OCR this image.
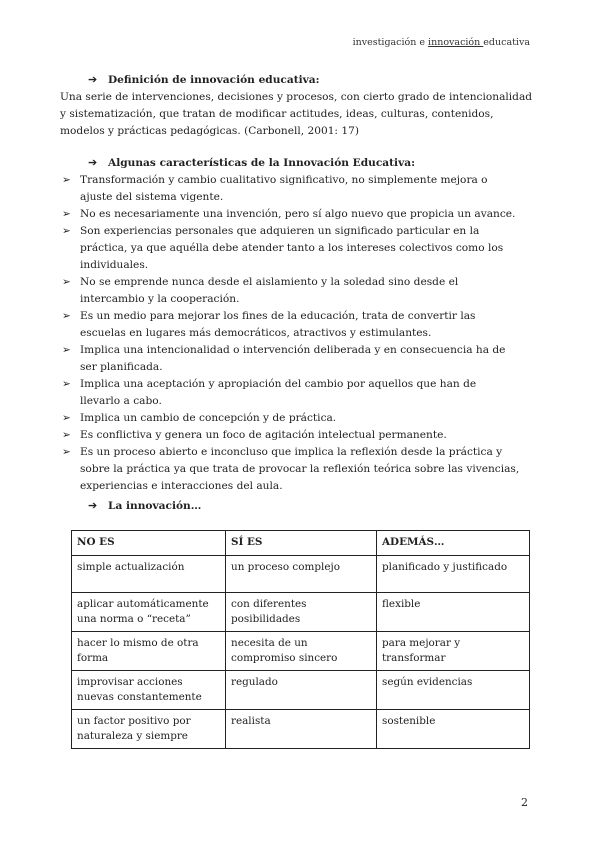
investigación e innovación educativa
➔ Definición de innovación educativa:
Una serie de intervenciones, decisiones y procesos, con cierto grado de intencionalidad
y sistematización, que tratan de modificar actitudes, ideas, culturas, contenidos,
modelos y prácticas pedagógicas. (Carbonell, 2001: 17)
➔ Algunas características de la Innovación Educativa:
➢ Transformación y cambio cualitativo significativo, no simplemente mejora o
ajuste del sistema vigente.
➢ No es necesariamente una invención, pero sí algo nuevo que propicia un avance.
➢ Son experiencias personales que adquieren un significado particular en la
práctica, ya que aquélla debe atender tanto a los intereses colectivos como los
individuales.
➢ No se emprende nunca desde el aislamiento y la soledad sino desde el
intercambio y la cooperación.
➢ Es un medio para mejorar los fines de la educación, trata de convertir las
escuelas en lugares más democráticos, atractivos y estimulantes.
➢ Implica una intencionalidad o intervención deliberada y en consecuencia ha de
ser planificada.
➢ Implica una aceptación y apropiación del cambio por aquellos que han de
llevarlo a cabo.
➢ Implica un cambio de concepción y de práctica.
➢ Es conflictiva y genera un foco de agitación intelectual permanente.
➢ Es un proceso abierto e inconcluso que implica la reflexión desde la práctica y
sobre la práctica ya que trata de provocar la reflexión teórica sobre las vivencias,
experiencias e interacciones del aula.
➔ La innovación…
NO ES	SÍ ES	ADEMÁS…
simple actualización	un proceso complejo	planificado y justificado
aplicar automáticamente una norma o “receta”	con diferentes posibilidades	flexible
hacer lo mismo de otra forma	necesita de un compromiso sincero	para mejorar y transformar
improvisar acciones nuevas constantemente	regulado	según evidencias
un factor positivo por naturaleza y siempre	realista	sostenible
2
